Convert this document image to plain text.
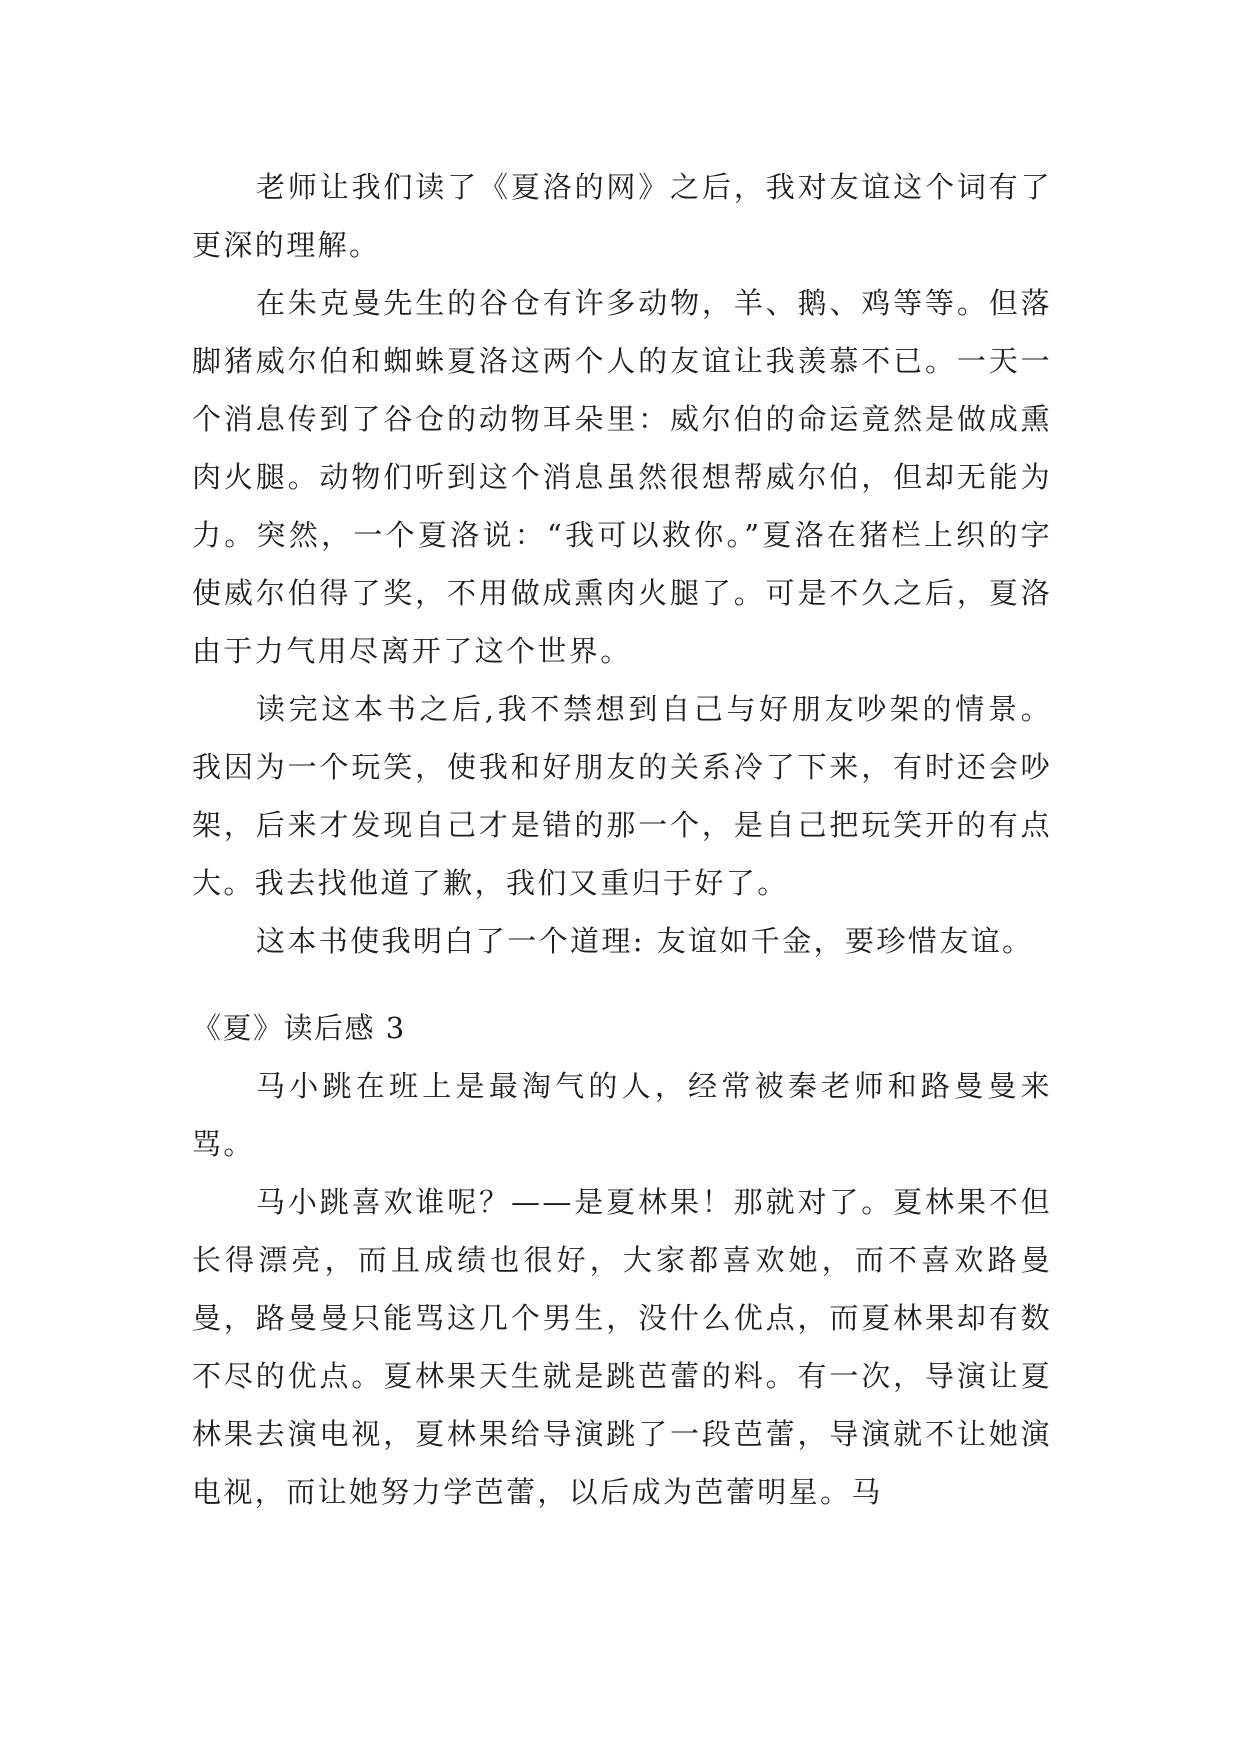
老师让我们读了《夏洛的网》之后，我对友谊这个词有了更深的理解。

在朱克曼先生的谷仓有许多动物，羊、鹅、鸡等等。但落脚猪威尔伯和蜘蛛夏洛这两个人的友谊让我羡慕不已。一天一个消息传到了谷仓的动物耳朵里：威尔伯的命运竟然是做成熏肉火腿。动物们听到这个消息虽然很想帮威尔伯，但却无能为力。突然，一个夏洛说：“我可以救你。”夏洛在猪栏上织的字使威尔伯得了奖，不用做成熏肉火腿了。可是不久之后，夏洛由于力气用尽离开了这个世界。

读完这本书之后,我不禁想到自己与好朋友吵架的情景。我因为一个玩笑，使我和好朋友的关系冷了下来，有时还会吵架，后来才发现自己才是错的那一个，是自己把玩笑开的有点大。我去找他道了歉，我们又重归于好了。

这本书使我明白了一个道理: 友谊如千金，要珍惜友谊。

《夏》读后感 3

马小跳在班上是最淘气的人，经常被秦老师和路曼曼来骂。

马小跳喜欢谁呢？——是夏林果！那就对了。夏林果不但长得漂亮，而且成绩也很好，大家都喜欢她，而不喜欢路曼曼，路曼曼只能骂这几个男生，没什么优点，而夏林果却有数不尽的优点。夏林果天生就是跳芭蕾的料。有一次，导演让夏林果去演电视，夏林果给导演跳了一段芭蕾，导演就不让她演电视，而让她努力学芭蕾，以后成为芭蕾明星。马
